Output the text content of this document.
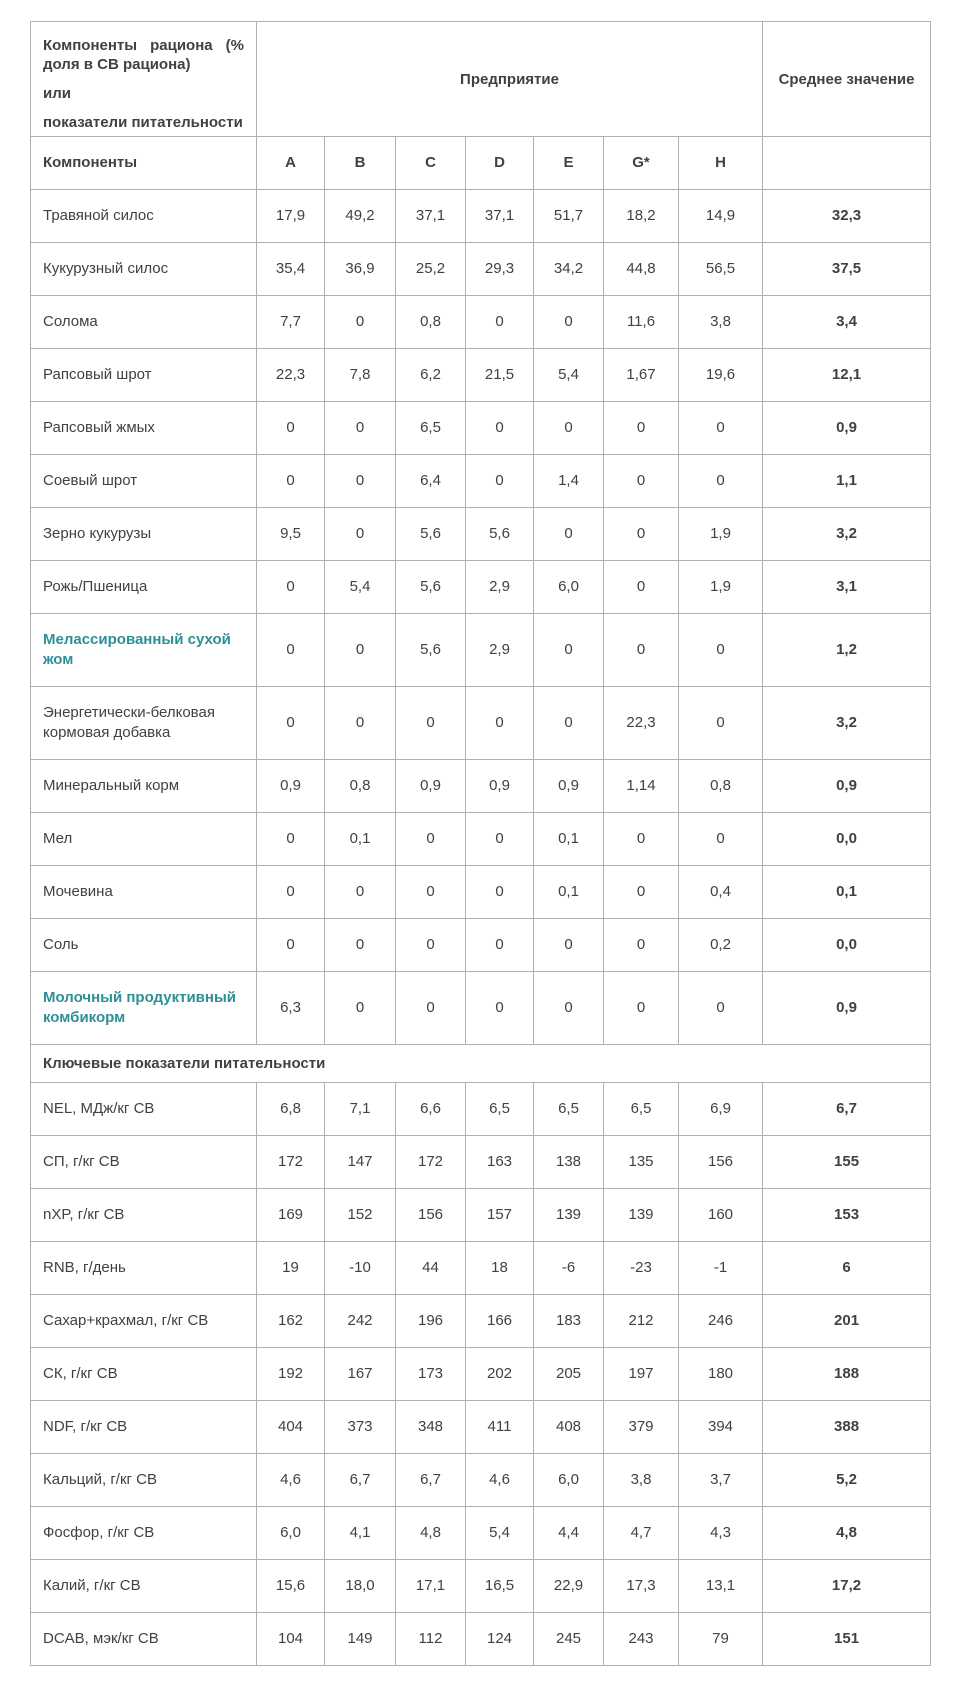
Компоненты рациона (% доля в СВ рациона)

или

показатели питательности	Предприятие							Среднее значение
Компоненты	A	B	C	D	E	G*	H	
Травяной силос	17,9	49,2	37,1	37,1	51,7	18,2	14,9	32,3
Кукурузный силос	35,4	36,9	25,2	29,3	34,2	44,8	56,5	37,5
Солома	7,7	0	0,8	0	0	11,6	3,8	3,4
Рапсовый шрот	22,3	7,8	6,2	21,5	5,4	1,67	19,6	12,1
Рапсовый жмых	0	0	6,5	0	0	0	0	0,9
Соевый шрот	0	0	6,4	0	1,4	0	0	1,1
Зерно кукурузы	9,5	0	5,6	5,6	0	0	1,9	3,2
Рожь/Пшеница	0	5,4	5,6	2,9	6,0	0	1,9	3,1
Мелассированный сухой жом	0	0	5,6	2,9	0	0	0	1,2
Энергетически-белковая кормовая добавка	0	0	0	0	0	22,3	0	3,2
Минеральный корм	0,9	0,8	0,9	0,9	0,9	1,14	0,8	0,9
Мел	0	0,1	0	0	0,1	0	0	0,0
Мочевина	0	0	0	0	0,1	0	0,4	0,1
Соль	0	0	0	0	0	0	0,2	0,0
Молочный продуктивный комбикорм	6,3	0	0	0	0	0	0	0,9
Ключевые показатели питательности								
NEL, МДж/кг СВ	6,8	7,1	6,6	6,5	6,5	6,5	6,9	6,7
СП, г/кг СВ	172	147	172	163	138	135	156	155
nXP, г/кг СВ	169	152	156	157	139	139	160	153
RNB, г/день	19	-10	44	18	-6	-23	-1	6
Сахар+крахмал, г/кг СВ	162	242	196	166	183	212	246	201
СК, г/кг СВ	192	167	173	202	205	197	180	188
NDF, г/кг СВ	404	373	348	411	408	379	394	388
Кальций, г/кг СВ	4,6	6,7	6,7	4,6	6,0	3,8	3,7	5,2
Фосфор, г/кг СВ	6,0	4,1	4,8	5,4	4,4	4,7	4,3	4,8
Калий, г/кг СВ	15,6	18,0	17,1	16,5	22,9	17,3	13,1	17,2
DCAB, мэк/кг СВ	104	149	112	124	245	243	79	151
